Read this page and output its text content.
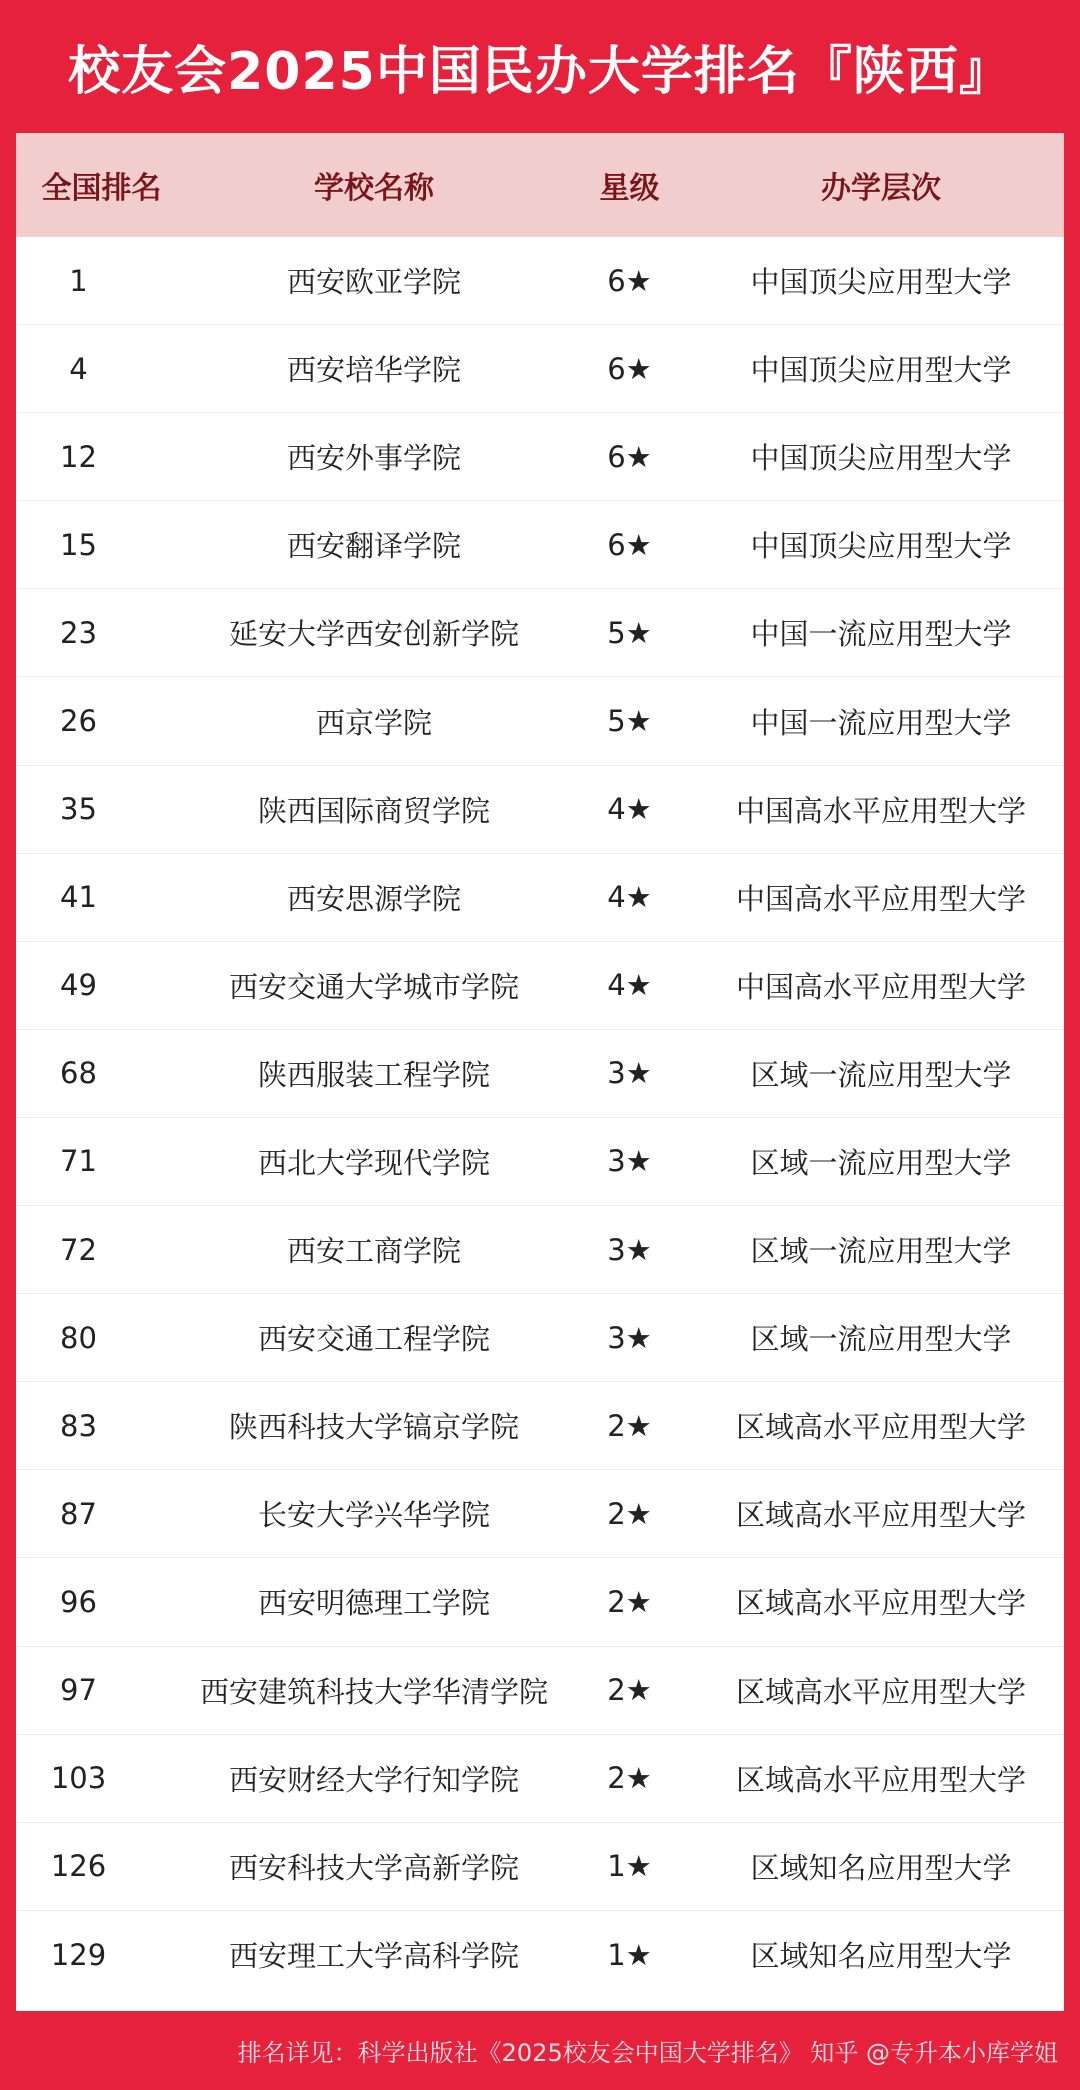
校友会2025中国民办大学排名『陕西』
全国排名	学校名称	星级	办学层次
1	西安欧亚学院	6★	中国顶尖应用型大学
4	西安培华学院	6★	中国顶尖应用型大学
12	西安外事学院	6★	中国顶尖应用型大学
15	西安翻译学院	6★	中国顶尖应用型大学
23	延安大学西安创新学院	5★	中国一流应用型大学
26	西京学院	5★	中国一流应用型大学
35	陕西国际商贸学院	4★	中国高水平应用型大学
41	西安思源学院	4★	中国高水平应用型大学
49	西安交通大学城市学院	4★	中国高水平应用型大学
68	陕西服装工程学院	3★	区域一流应用型大学
71	西北大学现代学院	3★	区域一流应用型大学
72	西安工商学院	3★	区域一流应用型大学
80	西安交通工程学院	3★	区域一流应用型大学
83	陕西科技大学镐京学院	2★	区域高水平应用型大学
87	长安大学兴华学院	2★	区域高水平应用型大学
96	西安明德理工学院	2★	区域高水平应用型大学
97	西安建筑科技大学华清学院	2★	区域高水平应用型大学
103	西安财经大学行知学院	2★	区域高水平应用型大学
126	西安科技大学高新学院	1★	区域知名应用型大学
129	西安理工大学高科学院	1★	区域知名应用型大学
排名详见：科学出版社《2025校友会中国大学排名》 知乎 @专升本小库学姐
